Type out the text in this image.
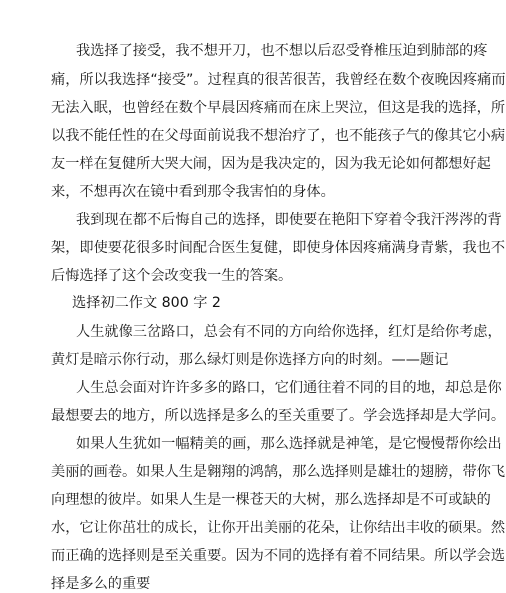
我选择了接受，我不想开刀，也不想以后忍受脊椎压迫到肺部的疼

痛，所以我选择“接受”。过程真的很苦很苦，我曾经在数个夜晚因疼痛而

无法入眠，也曾经在数个早晨因疼痛而在床上哭泣，但这是我的选择，所

以我不能任性的在父母面前说我不想治疗了，也不能孩子气的像其它小病

友一样在复健所大哭大闹，因为是我决定的，因为我无论如何都想好起

来，不想再次在镜中看到那令我害怕的身体。

我到现在都不后悔自己的选择，即使要在艳阳下穿着令我汗涔涔的背

架，即使要花很多时间配合医生复健，即使身体因疼痛满身青紫，我也不

后悔选择了这个会改变我一生的答案。

选择初二作文 800 字 2

人生就像三岔路口，总会有不同的方向给你选择，红灯是给你考虑，

黄灯是暗示你行动，那么绿灯则是你选择方向的时刻。——题记

人生总会面对许许多多的路口，它们通往着不同的目的地，却总是你

最想要去的地方，所以选择是多么的至关重要了。学会选择却是大学问。

如果人生犹如一幅精美的画，那么选择就是神笔，是它慢慢帮你绘出

美丽的画卷。如果人生是翱翔的鸿鹄，那么选择则是雄壮的翅膀，带你飞

向理想的彼岸。如果人生是一棵苍天的大树，那么选择却是不可或缺的

水，它让你茁壮的成长，让你开出美丽的花朵，让你结出丰收的硕果。然

而正确的选择则是至关重要。因为不同的选择有着不同结果。所以学会选

择是多么的重要
